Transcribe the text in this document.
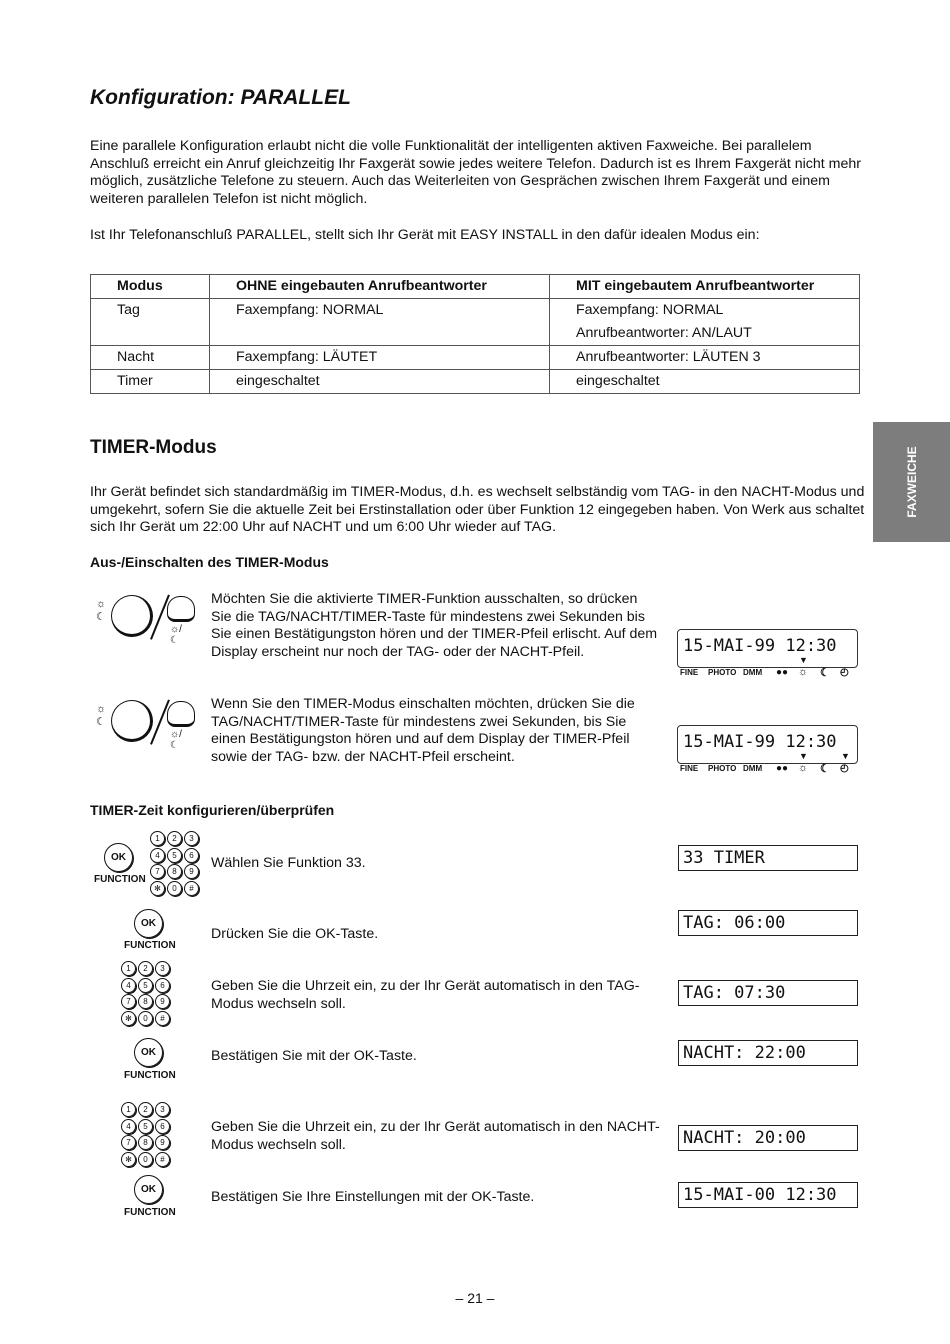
Konfiguration: PARALLEL
Eine parallele Konfiguration erlaubt nicht die volle Funktionalität der intelligenten aktiven Faxweiche. Bei parallelem Anschluß erreicht ein Anruf gleichzeitig Ihr Faxgerät sowie jedes weitere Telefon. Dadurch ist es Ihrem Faxgerät nicht mehr möglich, zusätzliche Telefone zu steuern. Auch das Weiterleiten von Gesprächen zwischen Ihrem Faxgerät und einem weiteren parallelen Telefon ist nicht möglich.
Ist Ihr Telefonanschluß PARALLEL, stellt sich Ihr Gerät mit EASY INSTALL in den dafür idealen Modus ein:
Modus	OHNE eingebauten Anrufbeantworter	MIT eingebautem Anrufbeantworter
Tag	Faxempfang: NORMAL	Faxempfang: NORMAL
		Anrufbeantworter: AN/LAUT
Nacht	Faxempfang: LÄUTET	Anrufbeantworter: LÄUTEN 3
Timer	eingeschaltet	eingeschaltet
FAXWEICHE
TIMER-Modus
Ihr Gerät befindet sich standardmäßig im TIMER-Modus, d.h. es wechselt selbständig vom TAG- in den NACHT-Modus und umgekehrt, sofern Sie die aktuelle Zeit bei Erstinstallation oder über Funktion 12 eingegeben haben. Von Werk aus schaltet sich Ihr Gerät um 22:00 Uhr auf NACHT und um 6:00 Uhr wieder auf TAG.
Aus-/Einschalten des TIMER-Modus
☼
☾
☼/☾
Möchten Sie die aktivierte TIMER-Funktion ausschalten, so drücken Sie die TAG/NACHT/TIMER-Taste für mindestens zwei Sekunden bis Sie einen Bestätigungston hören und der TIMER-Pfeil erlischt. Auf dem Display erscheint nur noch der TAG- oder der NACHT-Pfeil.	15-MAI-99 12:30
▼
FINE PHOTO DMM ●● ☼ ☾ ◴
☼
☾
☼/☾
Wenn Sie den TIMER-Modus einschalten möchten, drücken Sie die TAG/NACHT/TIMER-Taste für mindestens zwei Sekunden, bis Sie einen Bestätigungston hören und auf dem Display der TIMER-Pfeil sowie der TAG- bzw. der NACHT-Pfeil erscheint.
15-MAI-99 12:30
▼	▼
FINE PHOTO DMM ●● ☼ ☾ ◴
TIMER-Zeit konfigurieren/überprüfen
OK
FUNCTION
1	2	3
4	5	6
7	8	9
✻	0	#
Wählen Sie Funktion 33.	33 TIMER
OK
FUNCTION
Drücken Sie die OK-Taste.
TAG: 06:00
1	2	3
4	5	6
7	8	9
✻	0	#
Geben Sie die Uhrzeit ein, zu der Ihr Gerät automatisch in den TAG-Modus wechseln soll.
TAG: 07:30
OK
FUNCTION
Bestätigen Sie mit der OK-Taste.	NACHT: 22:00
1	2	3
4	5	6
7	8	9
✻	0	#
Geben Sie die Uhrzeit ein, zu der Ihr Gerät automatisch in den NACHT-Modus wechseln soll.	NACHT: 20:00
OK
FUNCTION
Bestätigen Sie Ihre Einstellungen mit der OK-Taste.	15-MAI-00 12:30
– 21 –
